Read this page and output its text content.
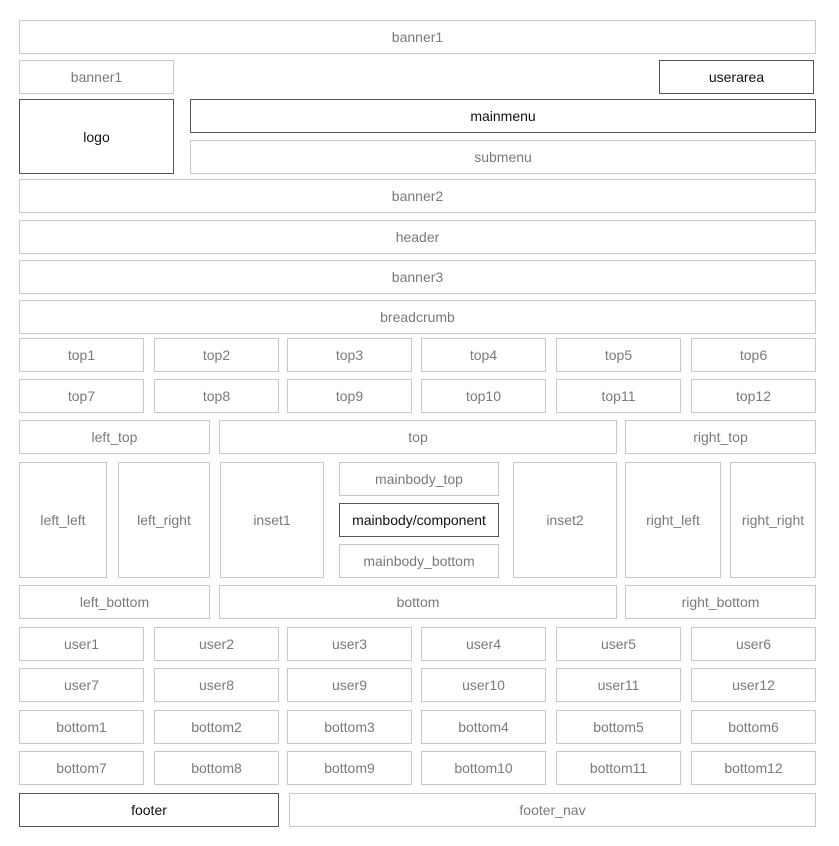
banner1
banner1	userarea
logo
mainmenu
submenu
banner2
header
banner3
breadcrumb
top1	top2	top3	top4	top5	top6
top7	top8	top9	top10	top11	top12
left_top	top	right_top
left_left	left_right	inset1
mainbody_top
mainbody/component
mainbody_bottom
inset2	right_left	right_right
left_bottom	bottom	right_bottom
user1	user2	user3	user4	user5	user6
user7	user8	user9	user10	user11	user12
bottom1	bottom2	bottom3	bottom4	bottom5	bottom6
bottom7	bottom8	bottom9	bottom10	bottom11	bottom12
footer	footer_nav
